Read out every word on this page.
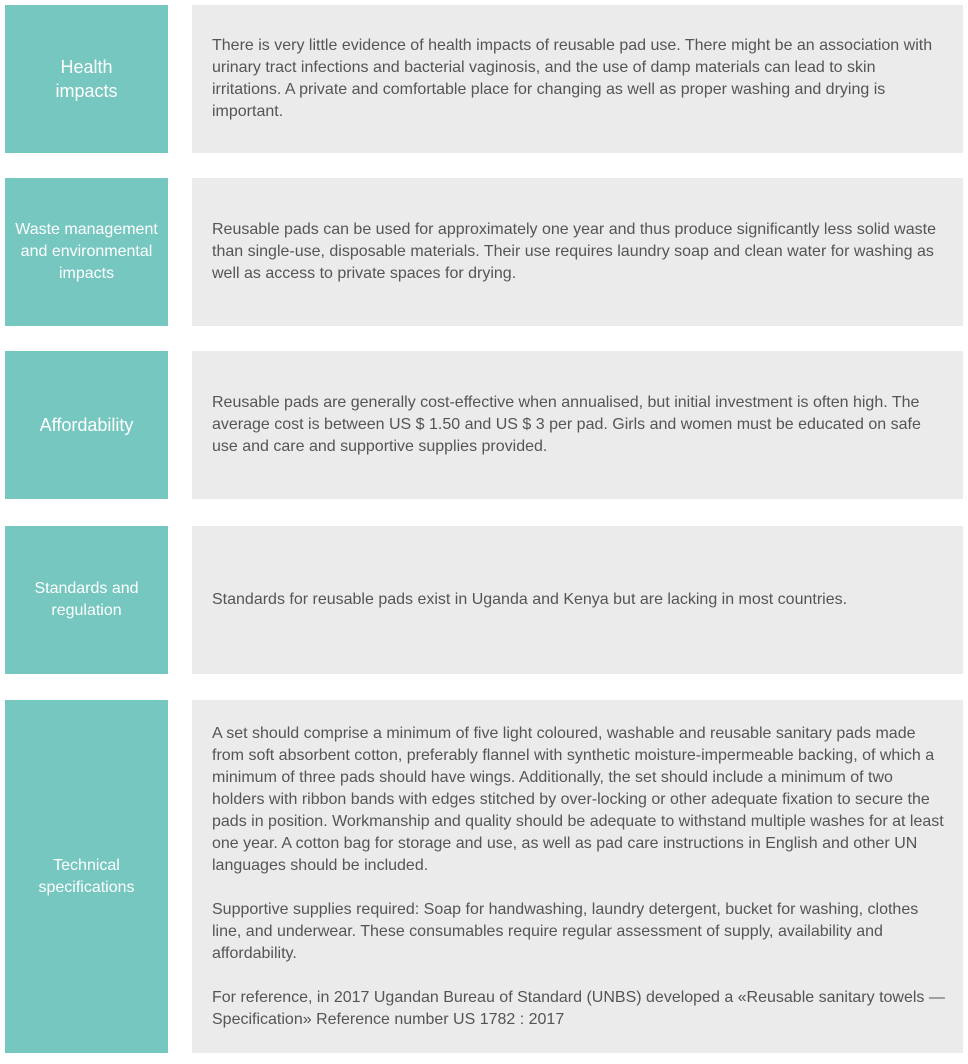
Health impacts

There is very little evidence of health impacts of reusable pad use. There might be an association with urinary tract infections and bacterial vaginosis, and the use of damp materials can lead to skin irritations. A private and comfortable place for changing as well as proper washing and drying is important.

Waste management and environmental impacts

Reusable pads can be used for approximately one year and thus produce significantly less solid waste than single-use, disposable materials. Their use requires laundry soap and clean water for washing as well as access to private spaces for drying.

Affordability

Reusable pads are generally cost-effective when annualised, but initial investment is often high. The average cost is between US $ 1.50 and US $ 3 per pad. Girls and women must be educated on safe use and care and supportive supplies provided.

Standards and regulation

Standards for reusable pads exist in Uganda and Kenya but are lacking in most countries.

Technical specifications

A set should comprise a minimum of five light coloured, washable and reusable sanitary pads made from soft absorbent cotton, preferably flannel with synthetic moisture-impermeable backing, of which a minimum of three pads should have wings. Additionally, the set should include a minimum of two holders with ribbon bands with edges stitched by over-locking or other adequate fixation to secure the pads in position. Workmanship and quality should be adequate to withstand multiple washes for at least one year. A cotton bag for storage and use, as well as pad care instructions in English and other UN languages should be included.

Supportive supplies required: Soap for handwashing, laundry detergent, bucket for washing, clothes line, and underwear. These consumables require regular assessment of supply, availability and affordability.

For reference, in 2017 Ugandan Bureau of Standard (UNBS) developed a «Reusable sanitary towels — Specification» Reference number US 1782 : 2017
